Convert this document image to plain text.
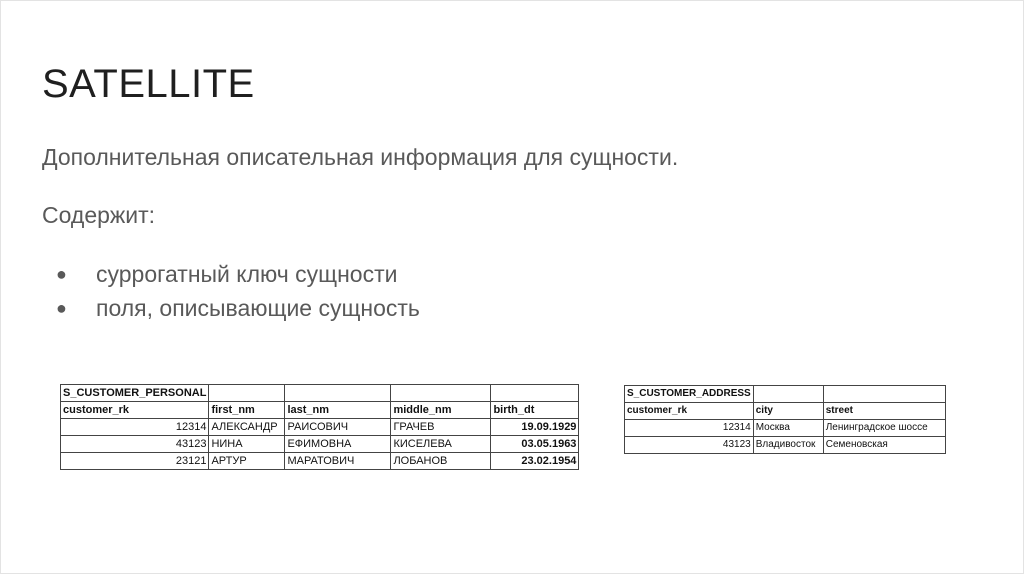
SATELLITE
Дополнительная описательная информация для сущности.
Содержит:
● суррогатный ключ сущности
● поля, описывающие сущность
S_CUSTOMER_PERSONAL				
customer_rk	first_nm	last_nm	middle_nm	birth_dt
12314	АЛЕКСАНДР	РАИСОВИЧ	ГРАЧЕВ	19.09.1929
43123	НИНА	ЕФИМОВНА	КИСЕЛЕВА	03.05.1963
23121	АРТУР	МАРАТОВИЧ	ЛОБАНОВ	23.02.1954
S_CUSTOMER_ADDRESS		
customer_rk	city	street
12314	Москва	Ленинградское шоссе
43123	Владивосток	Семеновская
